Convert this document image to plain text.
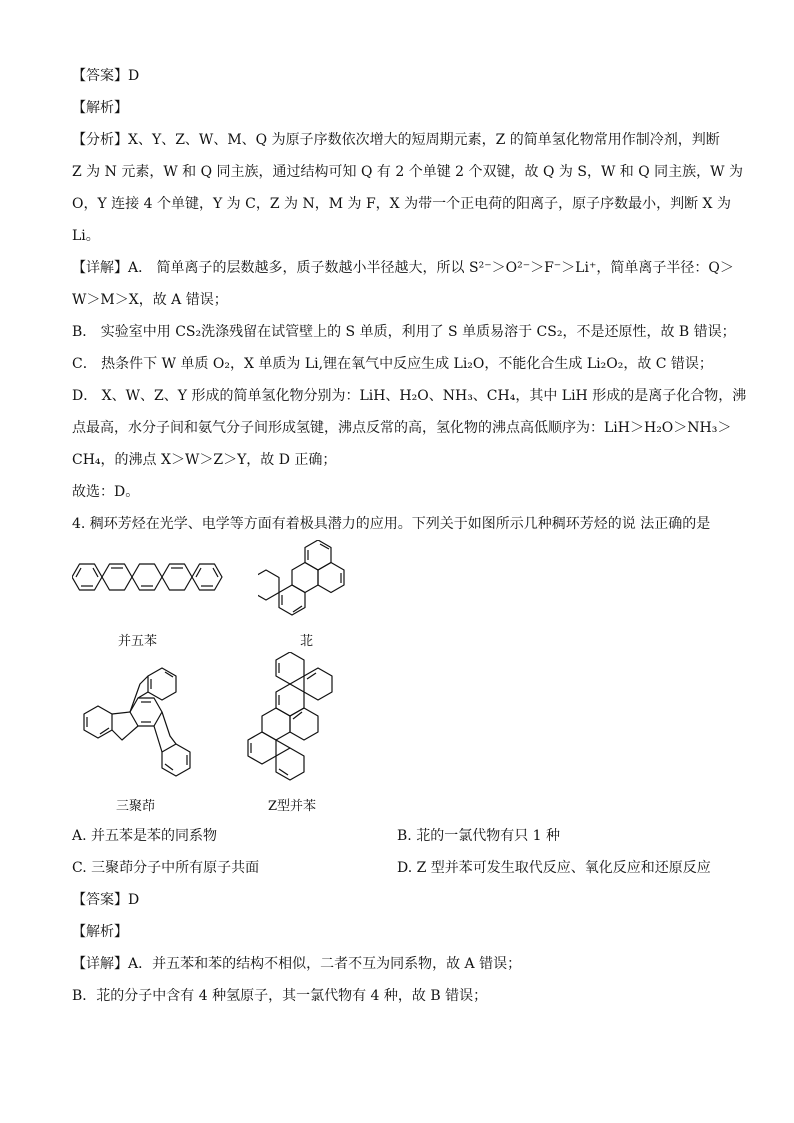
【答案】D
【解析】
【分析】X、Y、Z、W、M、Q 为原子序数依次增大的短周期元素，Z 的简单氢化物常用作制冷剂，判断
Z 为 N 元素，W 和 Q 同主族，通过结构可知 Q 有 2 个单键 2 个双键，故 Q 为 S，W 和 Q 同主族，W 为
O，Y 连接 4 个单键，Y 为 C，Z 为 N，M 为 F，X 为带一个正电荷的阳离子，原子序数最小，判断 X 为
Li。
【详解】A． 简单离子的层数越多，质子数越小半径越大，所以 S²⁻＞O²⁻＞F⁻＞Li⁺，简单离子半径：Q＞
W＞M＞X，故 A 错误；
B． 实验室中用 CS₂洗涤残留在试管壁上的 S 单质，利用了 S 单质易溶于 CS₂，不是还原性，故 B 错误；
C． 热条件下 W 单质 O₂，X 单质为 Li,锂在氧气中反应生成 Li₂O，不能化合生成 Li₂O₂，故 C 错误；
D． X、W、Z、Y 形成的简单氢化物分别为：LiH、H₂O、NH₃、CH₄，其中 LiH 形成的是离子化合物，沸
点最高，水分子间和氨气分子间形成氢键，沸点反常的高，氢化物的沸点高低顺序为：LiH＞H₂O＞NH₃＞
CH₄，的沸点 X＞W＞Z＞Y，故 D 正确；
故选：D。
4. 稠环芳烃在光学、电学等方面有着极具潜力的应用。下列关于如图所示几种稠环芳烃的说 法正确的是
并五苯	苝
三聚茚	Z型并苯
A. 并五苯是苯的同系物	B. 苝的一氯代物有只 1 种
C. 三聚茚分子中所有原子共面	D. Z 型并苯可发生取代反应、氧化反应和还原反应
【答案】D
【解析】
【详解】A．并五苯和苯的结构不相似，二者不互为同系物，故 A 错误；
B．苝的分子中含有 4 种氢原子，其一氯代物有 4 种，故 B 错误；
